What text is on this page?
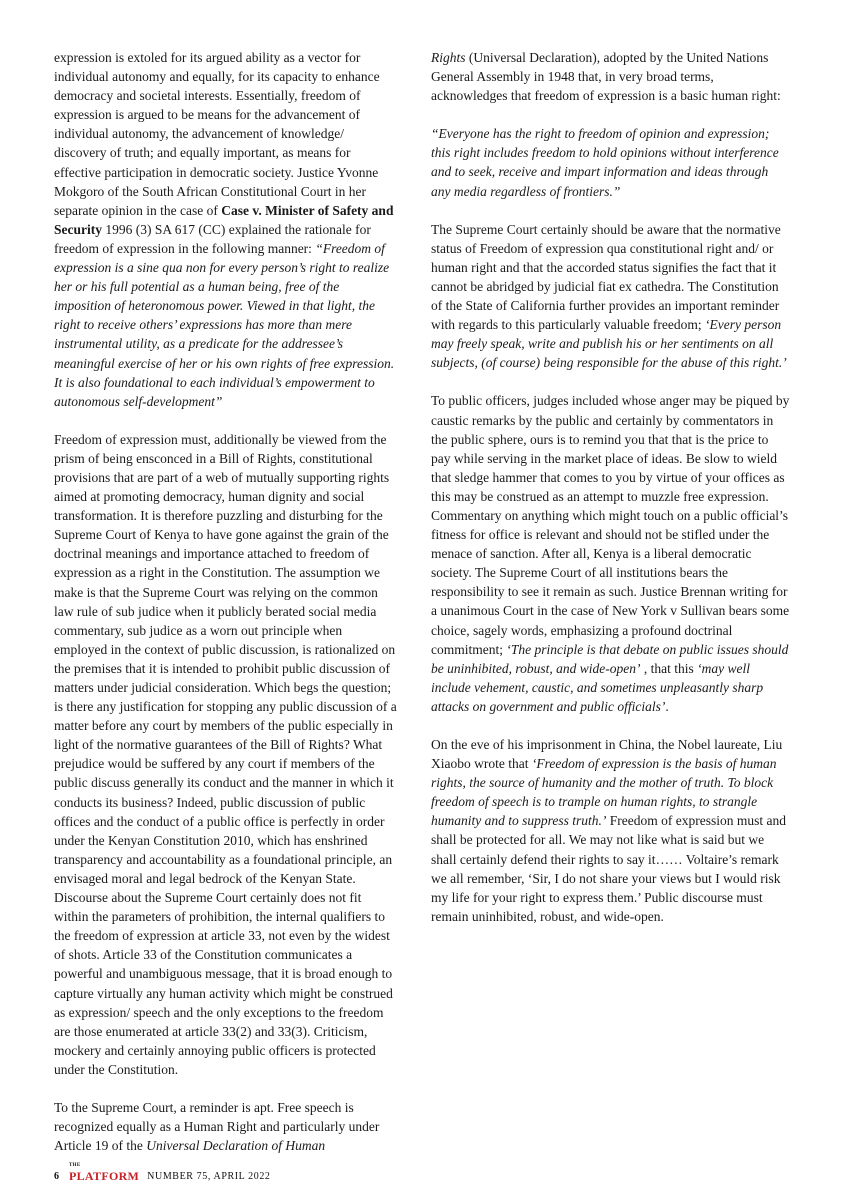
expression is extoled for its argued ability as a vector for individual autonomy and equally, for its capacity to enhance democracy and societal interests. Essentially, freedom of expression is argued to be means for the advancement of individual autonomy, the advancement of knowledge/ discovery of truth; and equally important, as means for effective participation in democratic society. Justice Yvonne Mokgoro of the South African Constitutional Court in her separate opinion in the case of Case v. Minister of Safety and Security 1996 (3) SA 617 (CC) explained the rationale for freedom of expression in the following manner: “Freedom of expression is a sine qua non for every person’s right to realize her or his full potential as a human being, free of the imposition of heteronomous power. Viewed in that light, the right to receive others’ expressions has more than mere instrumental utility, as a predicate for the addressee’s meaningful exercise of her or his own rights of free expression. It is also foundational to each individual’s empowerment to autonomous self-development”

Freedom of expression must, additionally be viewed from the prism of being ensconced in a Bill of Rights, constitutional provisions that are part of a web of mutually supporting rights aimed at promoting democracy, human dignity and social transformation. It is therefore puzzling and disturbing for the Supreme Court of Kenya to have gone against the grain of the doctrinal meanings and importance attached to freedom of expression as a right in the Constitution. The assumption we make is that the Supreme Court was relying on the common law rule of sub judice when it publicly berated social media commentary, sub judice as a worn out principle when employed in the context of public discussion, is rationalized on the premises that it is intended to prohibit public discussion of matters under judicial consideration. Which begs the question; is there any justification for stopping any public discussion of a matter before any court by members of the public especially in light of the normative guarantees of the Bill of Rights? What prejudice would be suffered by any court if members of the public discuss generally its conduct and the manner in which it conducts its business? Indeed, public discussion of public offices and the conduct of a public office is perfectly in order under the Kenyan Constitution 2010, which has enshrined transparency and accountability as a foundational principle, an envisaged moral and legal bedrock of the Kenyan State. Discourse about the Supreme Court certainly does not fit within the parameters of prohibition, the internal qualifiers to the freedom of expression at article 33, not even by the widest of shots. Article 33 of the Constitution communicates a powerful and unambiguous message, that it is broad enough to capture virtually any human activity which might be construed as expression/ speech and the only exceptions to the freedom are those enumerated at article 33(2) and 33(3). Criticism, mockery and certainly annoying public officers is protected under the Constitution.

To the Supreme Court, a reminder is apt. Free speech is recognized equally as a Human Right and particularly under Article 19 of the Universal Declaration of Human

Rights (Universal Declaration), adopted by the United Nations General Assembly in 1948 that, in very broad terms, acknowledges that freedom of expression is a basic human right:

“Everyone has the right to freedom of opinion and expression; this right includes freedom to hold opinions without interference and to seek, receive and impart information and ideas through any media regardless of frontiers.”

The Supreme Court certainly should be aware that the normative status of Freedom of expression qua constitutional right and/ or human right and that the accorded status signifies the fact that it cannot be abridged by judicial fiat ex cathedra. The Constitution of the State of California further provides an important reminder with regards to this particularly valuable freedom; ‘Every person may freely speak, write and publish his or her sentiments on all subjects, (of course) being responsible for the abuse of this right.’

To public officers, judges included whose anger may be piqued by caustic remarks by the public and certainly by commentators in the public sphere, ours is to remind you that that is the price to pay while serving in the market place of ideas. Be slow to wield that sledge hammer that comes to you by virtue of your offices as this may be construed as an attempt to muzzle free expression. Commentary on anything which might touch on a public official’s fitness for office is relevant and should not be stifled under the menace of sanction. After all, Kenya is a liberal democratic society. The Supreme Court of all institutions bears the responsibility to see it remain as such. Justice Brennan writing for a unanimous Court in the case of New York v Sullivan bears some choice, sagely words, emphasizing a profound doctrinal commitment; ‘The principle is that debate on public issues should be uninhibited, robust, and wide-open’ , that this ‘may well include vehement, caustic, and sometimes unpleasantly sharp attacks on government and public officials’.

On the eve of his imprisonment in China, the Nobel laureate, Liu Xiaobo wrote that ‘Freedom of expression is the basis of human rights, the source of humanity and the mother of truth. To block freedom of speech is to trample on human rights, to strangle humanity and to suppress truth.’ Freedom of expression must and shall be protected for all. We may not like what is said but we shall certainly defend their rights to say it…… Voltaire’s remark we all remember, ‘Sir, I do not share your views but I would risk my life for your right to express them.’ Public discourse must remain uninhibited, robust, and wide-open.

6
THE
PLATFORM NUMBER 75, APRIL 2022
